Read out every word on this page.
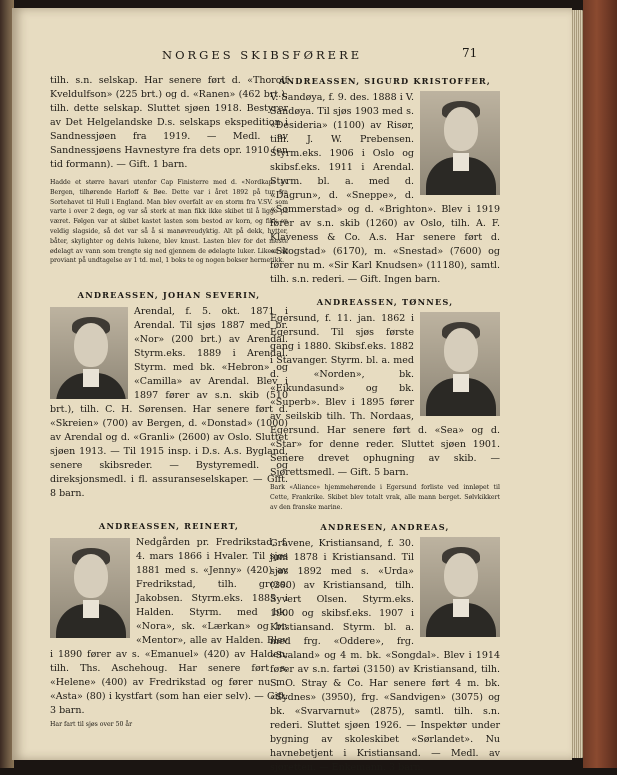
NORGES SKIBSFØRERE	71

tilh. s.n. selskap. Har senere ført d. «Thorolf Kveldulfson» (225 brt.) og d. «Ranen» (462 brt.), tilh. dette selskap. Sluttet sjøen 1918. Bestyrer av Det Helgelandske D.s. selskaps ekspedition i Sandnessjøen fra 1919. — Medl. av Sandnessjøens Havnestyre fra dets opr. 1910 (en tid formann). — Gift. 1 barn.

Hadde et større havari utenfor Cap Finisterre med d. «Nordkap» av Bergen, tilhørende Harloff & Bøe. Dette var i året 1892 på tur fra Sortehavet til Hull i England. Man blev overfalt av en storm fra V.SV. som varte i over 2 døgn, og var så sterk at man fikk ikke skibet til å ligge på været. Følgen var at skibet kastet lasten som bestod av korn, og fikk en veldig slagside, så det var så å si manøvreudyktig. Alt på dekk, hytter, båter, skylighter og delvis lukene, blev knust. Lasten blev for det meste ødelagt av vann som trengte sig ned gjennem de ødelagte luker. Likesa all proviant på undtagelse av 1 td. mel, 1 boks te og nogen bokser hermetikk.

ANDREASSEN, JOHAN SEVERIN,

Arendal, f. 5. okt. 1871 i Arendal. Til sjøs 1887 med br. «Nor» (200 brt.) av Arendal. Styrm.eks. 1889 i Arendal. Styrm. med bk. «Hebron» og «Camilla» av Arendal. Blev i 1897 fører av s.n. skib (510 brt.), tilh. C. H. Sørensen. Har senere ført d. «Skreien» (700) av Bergen, d. «Donstad» (1000) av Arendal og d. «Granli» (2600) av Oslo. Sluttet sjøen 1913. — Til 1915 insp. i D.s. A.s. Bygland, senere skibsreder. — Bystyremedl. og direksjonsmedl. i fl. assuranseselskaper. — Gift. 8 barn.

ANDREASSEN, REINERT,

Nedgården pr. Fredrikstad, f. 4. mars 1866 i Hvaler. Til sjøs 1881 med s. «Jenny» (420) av Fredrikstad, tilh. gross. Jakobsen. Styrm.eks. 1885 i Halden. Styrm. med bk. «Nora», sk. «Lærkan» og br. «Mentor», alle av Halden. Blev i 1890 fører av s. «Emanuel» (420) av Halden, tilh. Ths. Aschehoug. Har senere ført s. «Helene» (400) av Fredrikstad og fører nu m. «Asta» (80) i kystfart (som han eier selv). — Gift. 3 barn.

Har fart til sjøs over 50 år

ANDREASSEN, SIGURD KRISTOFFER,

V. Sandøya, f. 9. des. 1888 i V. Sandøya. Til sjøs 1903 med s. «Desideria» (1100) av Risør, tilh. J. W. Prebensen. Styrm.eks. 1906 i Oslo og skibsf.eks. 1911 i Arendal. Styrm. bl. a. med d. «Dagrun», d. «Sneppe», d. «Sommerstad» og d. «Brighton». Blev i 1919 fører av s.n. skib (1260) av Oslo, tilh. A. F. Klaveness & Co. A.s. Har senere ført d. «Skogstad» (6170), m. «Snestad» (7600) og fører nu m. «Sir Karl Knudsen» (11180), samtl. tilh. s.n. rederi. — Gift. Ingen barn.

ANDREASSEN, TØNNES,

Egersund, f. 11. jan. 1862 i Egersund. Til sjøs første gang i 1880. Skibsf.eks. 1882 i Stavanger. Styrm. bl. a. med d. «Norden», bk. «Eikundasund» og bk. «Superb». Blev i 1895 fører av seilskib tilh. Th. Nordaas, Egersund. Har senere ført d. «Sea» og d. «Star» for denne reder. Sluttet sjøen 1901. Senere drevet ophugning av skib. — Sjørettsmedl. — Gift. 5 barn.

Bark «Aliance» hjemmehørende i Egersund forliste ved innløpet til Cette, Frankrike. Skibet blev totalt vrak, alle mann berget. Sølvkikkert av den franske marine.

ANDRESEN, ANDREAS,

Gravene, Kristiansand, f. 30. juni 1878 i Kristiansand. Til sjøs 1892 med s. «Urda» (200) av Kristiansand, tilh. Syvert Olsen. Styrm.eks. 1900 og skibsf.eks. 1907 i Kristiansand. Styrm. bl. a. med frg. «Oddere», frg. «Svaland» og 4 m. bk. «Songdal». Blev i 1914 fører av s.n. fartøi (3150) av Kristiansand, tilh. S. O. Stray & Co. Har senere ført 4 m. bk. «Sydnes» (3950), frg. «Sandvigen» (3075) og bk. «Svarvarnut» (2875), samtl. tilh. s.n. rederi. Sluttet sjøen 1926. — Inspektør under bygning av skoleskibet «Sørlandet». Nu havnebetjent i Kristiansand. — Medl. av sjøretten. — Enkemann. 3 barn.
